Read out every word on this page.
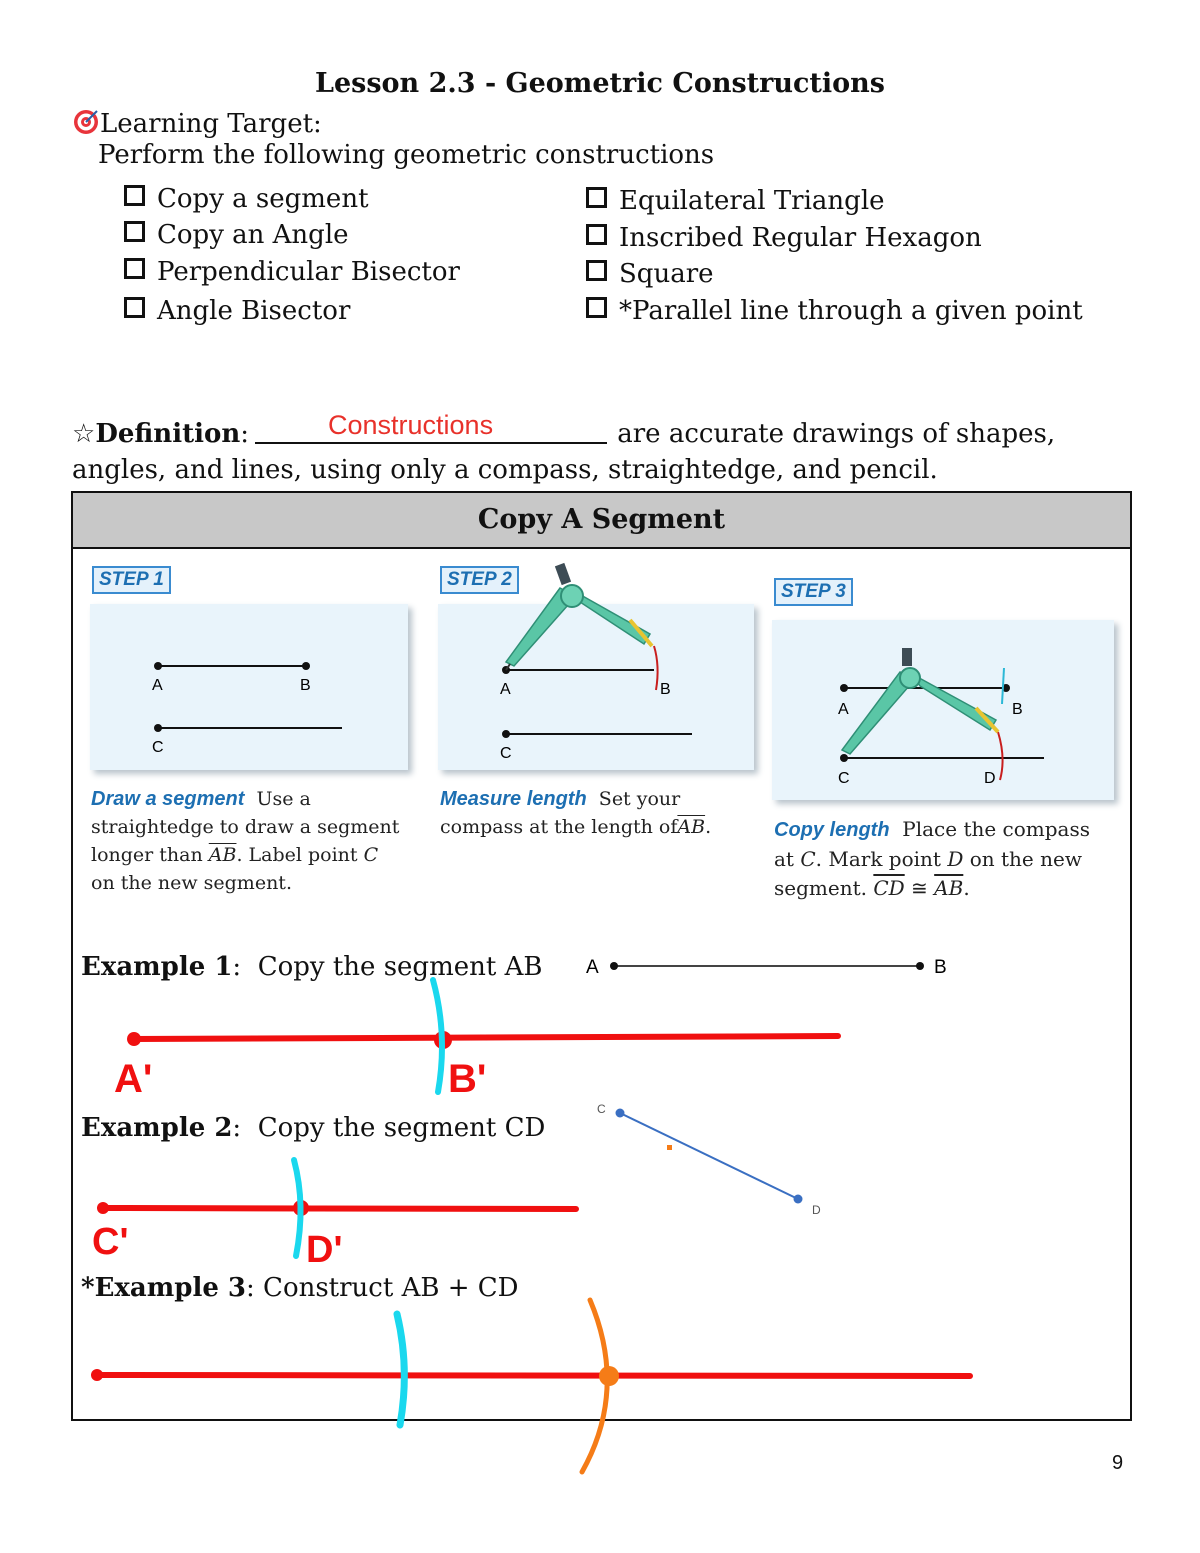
Lesson 2.3 - Geometric Constructions
Learning Target:
Perform the following geometric constructions
Copy a segment
Copy an Angle
Perpendicular Bisector
Angle Bisector
Equilateral Triangle
Inscribed Regular Hexagon
Square
*Parallel line through a given point
☆Definition:	are accurate drawings of shapes,
Constructions
angles, and lines, using only a compass, straightedge, and pencil.
Copy A Segment
STEP 1
A	B
C
Draw a segment Use a
straightedge to draw a segment
longer than $\overline{AB}$. Label point C
on the new segment.
STEP 2
A	B
C
Measure length Set your
compass at the length $of\overline{AB}$.
STEP 3
A	B
C	D
Copy length Place the compass
at C. Mark point D on the new
segment. $\overline{CD}$ ≅ $\overline{AB}$.
Example 1: Copy the segment AB
Example 2: Copy the segment CD
*Example 3: Construct AB + CD
A	B
A'	B'
C
D
C'	D'
9
